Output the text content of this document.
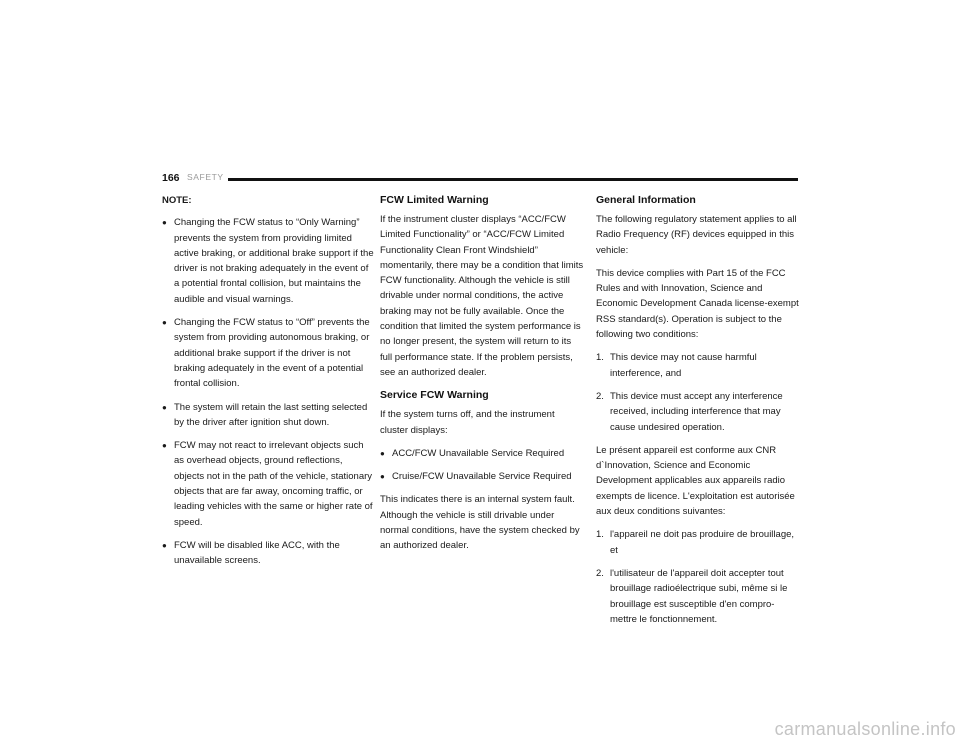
166 SAFETY
NOTE:
● Changing the FCW status to “Only Warning” prevents the system from providing limited active braking, or additional brake support if the driver is not braking adequately in the event of a potential frontal collision, but maintains the audible and visual warnings.
● Changing the FCW status to “Off” prevents the system from providing autonomous braking, or additional brake support if the driver is not braking adequately in the event of a potential frontal collision.
● The system will retain the last setting selected by the driver after ignition shut down.
● FCW may not react to irrelevant objects such as overhead objects, ground reflections, objects not in the path of the vehicle, stationary objects that are far away, oncoming traffic, or leading vehicles with the same or higher rate of speed.
● FCW will be disabled like ACC, with the unavailable screens.
FCW Limited Warning

If the instrument cluster displays “ACC/FCW Limited Functionality” or “ACC/FCW Limited Functionality Clean Front Windshield” momentarily, there may be a condition that limits FCW functionality. Although the vehicle is still drivable under normal conditions, the active braking may not be fully available. Once the condition that limited the system performance is no longer present, the system will return to its full performance state. If the problem persists, see an authorized dealer.

Service FCW Warning

If the system turns off, and the instrument cluster displays:

● ACC/FCW Unavailable Service Required
● Cruise/FCW Unavailable Service Required

This indicates there is an internal system fault. Although the vehicle is still drivable under normal conditions, have the system checked by an authorized dealer.

General Information

The following regulatory statement applies to all Radio Frequency (RF) devices equipped in this vehicle:

This device complies with Part 15 of the FCC Rules and with Innovation, Science and Economic Development Canada license-exempt RSS standard(s). Operation is subject to the following two conditions:

1. This device may not cause harmful interference, and
2. This device must accept any interference received, including interference that may cause undesired operation.

Le présent appareil est conforme aux CNR d`Innovation, Science and Economic Development applicables aux appareils radio exempts de licence. L'exploitation est autorisée aux deux conditions suivantes:

1. l'appareil ne doit pas produire de brouillage, et
2. l'utilisateur de l'appareil doit accepter tout brouillage radioélectrique subi, même si le brouillage est susceptible d'en compro-mettre le fonctionnement.
carmanualsonline.info
